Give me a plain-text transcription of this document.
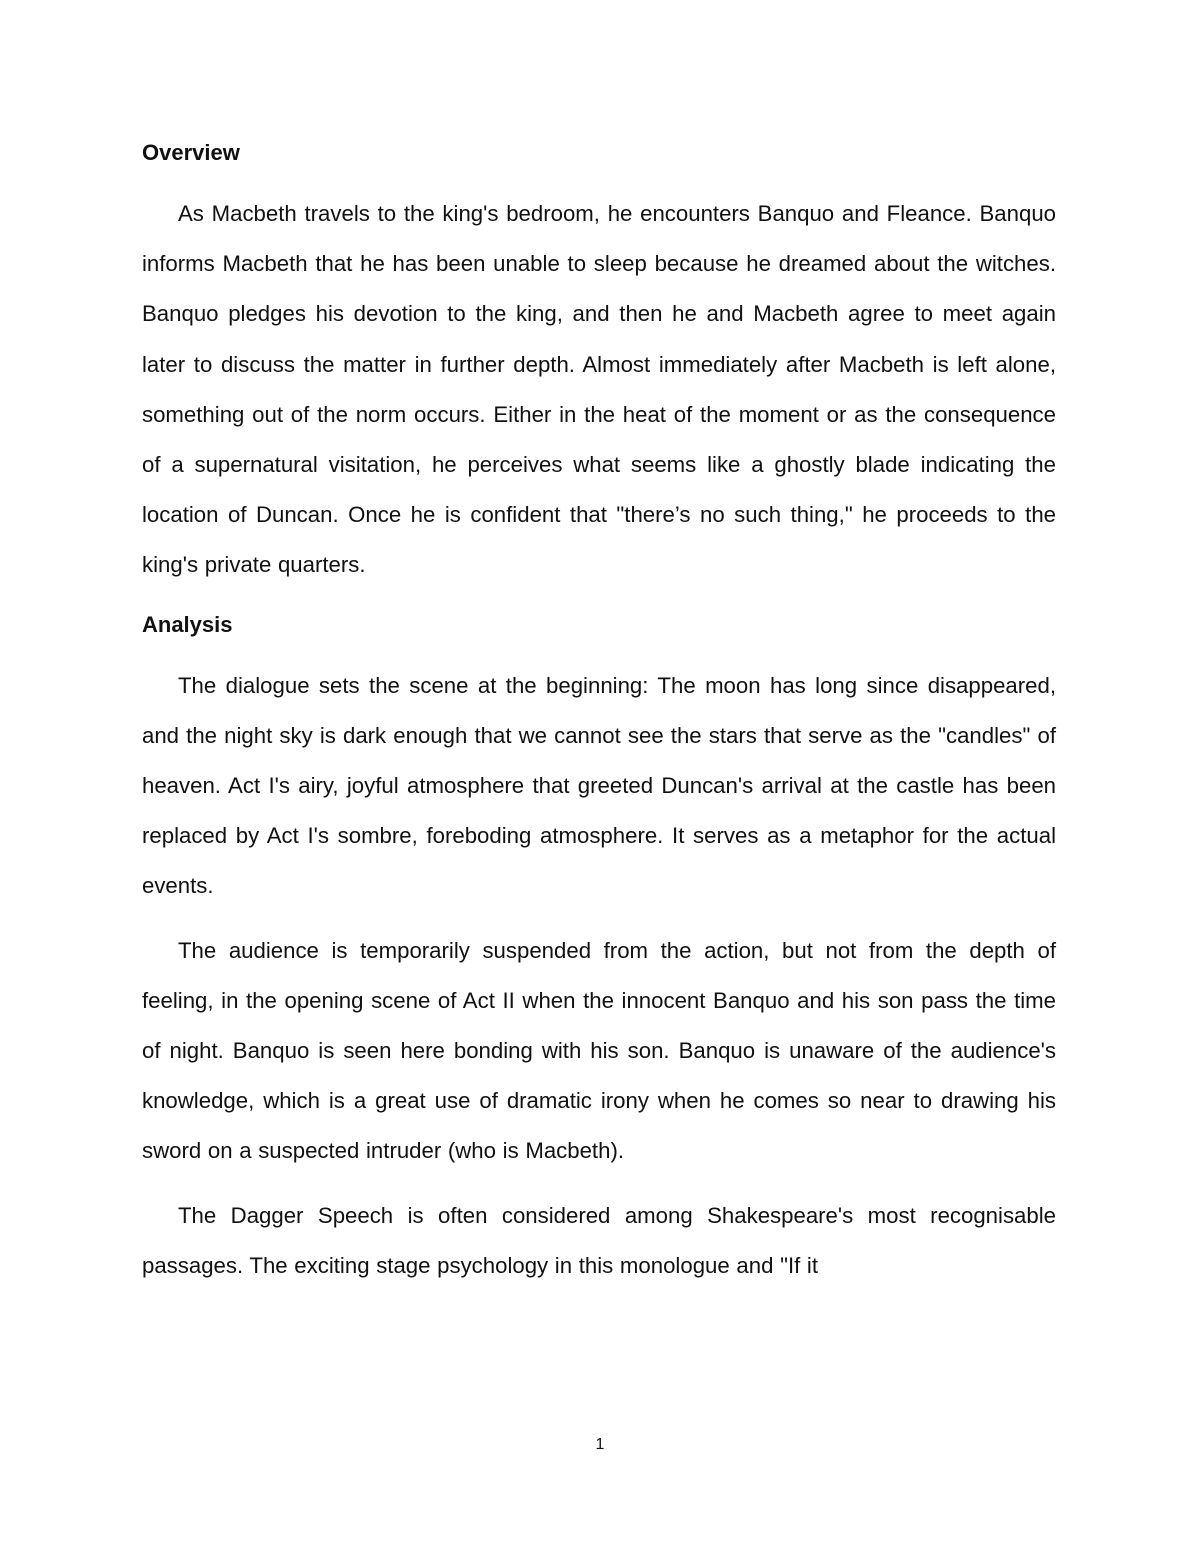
Overview

As Macbeth travels to the king's bedroom, he encounters Banquo and Fleance. Banquo informs Macbeth that he has been unable to sleep because he dreamed about the witches. Banquo pledges his devotion to the king, and then he and Macbeth agree to meet again later to discuss the matter in further depth. Almost immediately after Macbeth is left alone, something out of the norm occurs. Either in the heat of the moment or as the consequence of a supernatural visitation, he perceives what seems like a ghostly blade indicating the location of Duncan. Once he is confident that "there’s no such thing," he proceeds to the king's private quarters.

Analysis

The dialogue sets the scene at the beginning: The moon has long since disappeared, and the night sky is dark enough that we cannot see the stars that serve as the "candles" of heaven. Act I's airy, joyful atmosphere that greeted Duncan's arrival at the castle has been replaced by Act I's sombre, foreboding atmosphere. It serves as a metaphor for the actual events.

The audience is temporarily suspended from the action, but not from the depth of feeling, in the opening scene of Act II when the innocent Banquo and his son pass the time of night. Banquo is seen here bonding with his son. Banquo is unaware of the audience's knowledge, which is a great use of dramatic irony when he comes so near to drawing his sword on a suspected intruder (who is Macbeth).

The Dagger Speech is often considered among Shakespeare's most recognisable passages. The exciting stage psychology in this monologue and "If it

1
